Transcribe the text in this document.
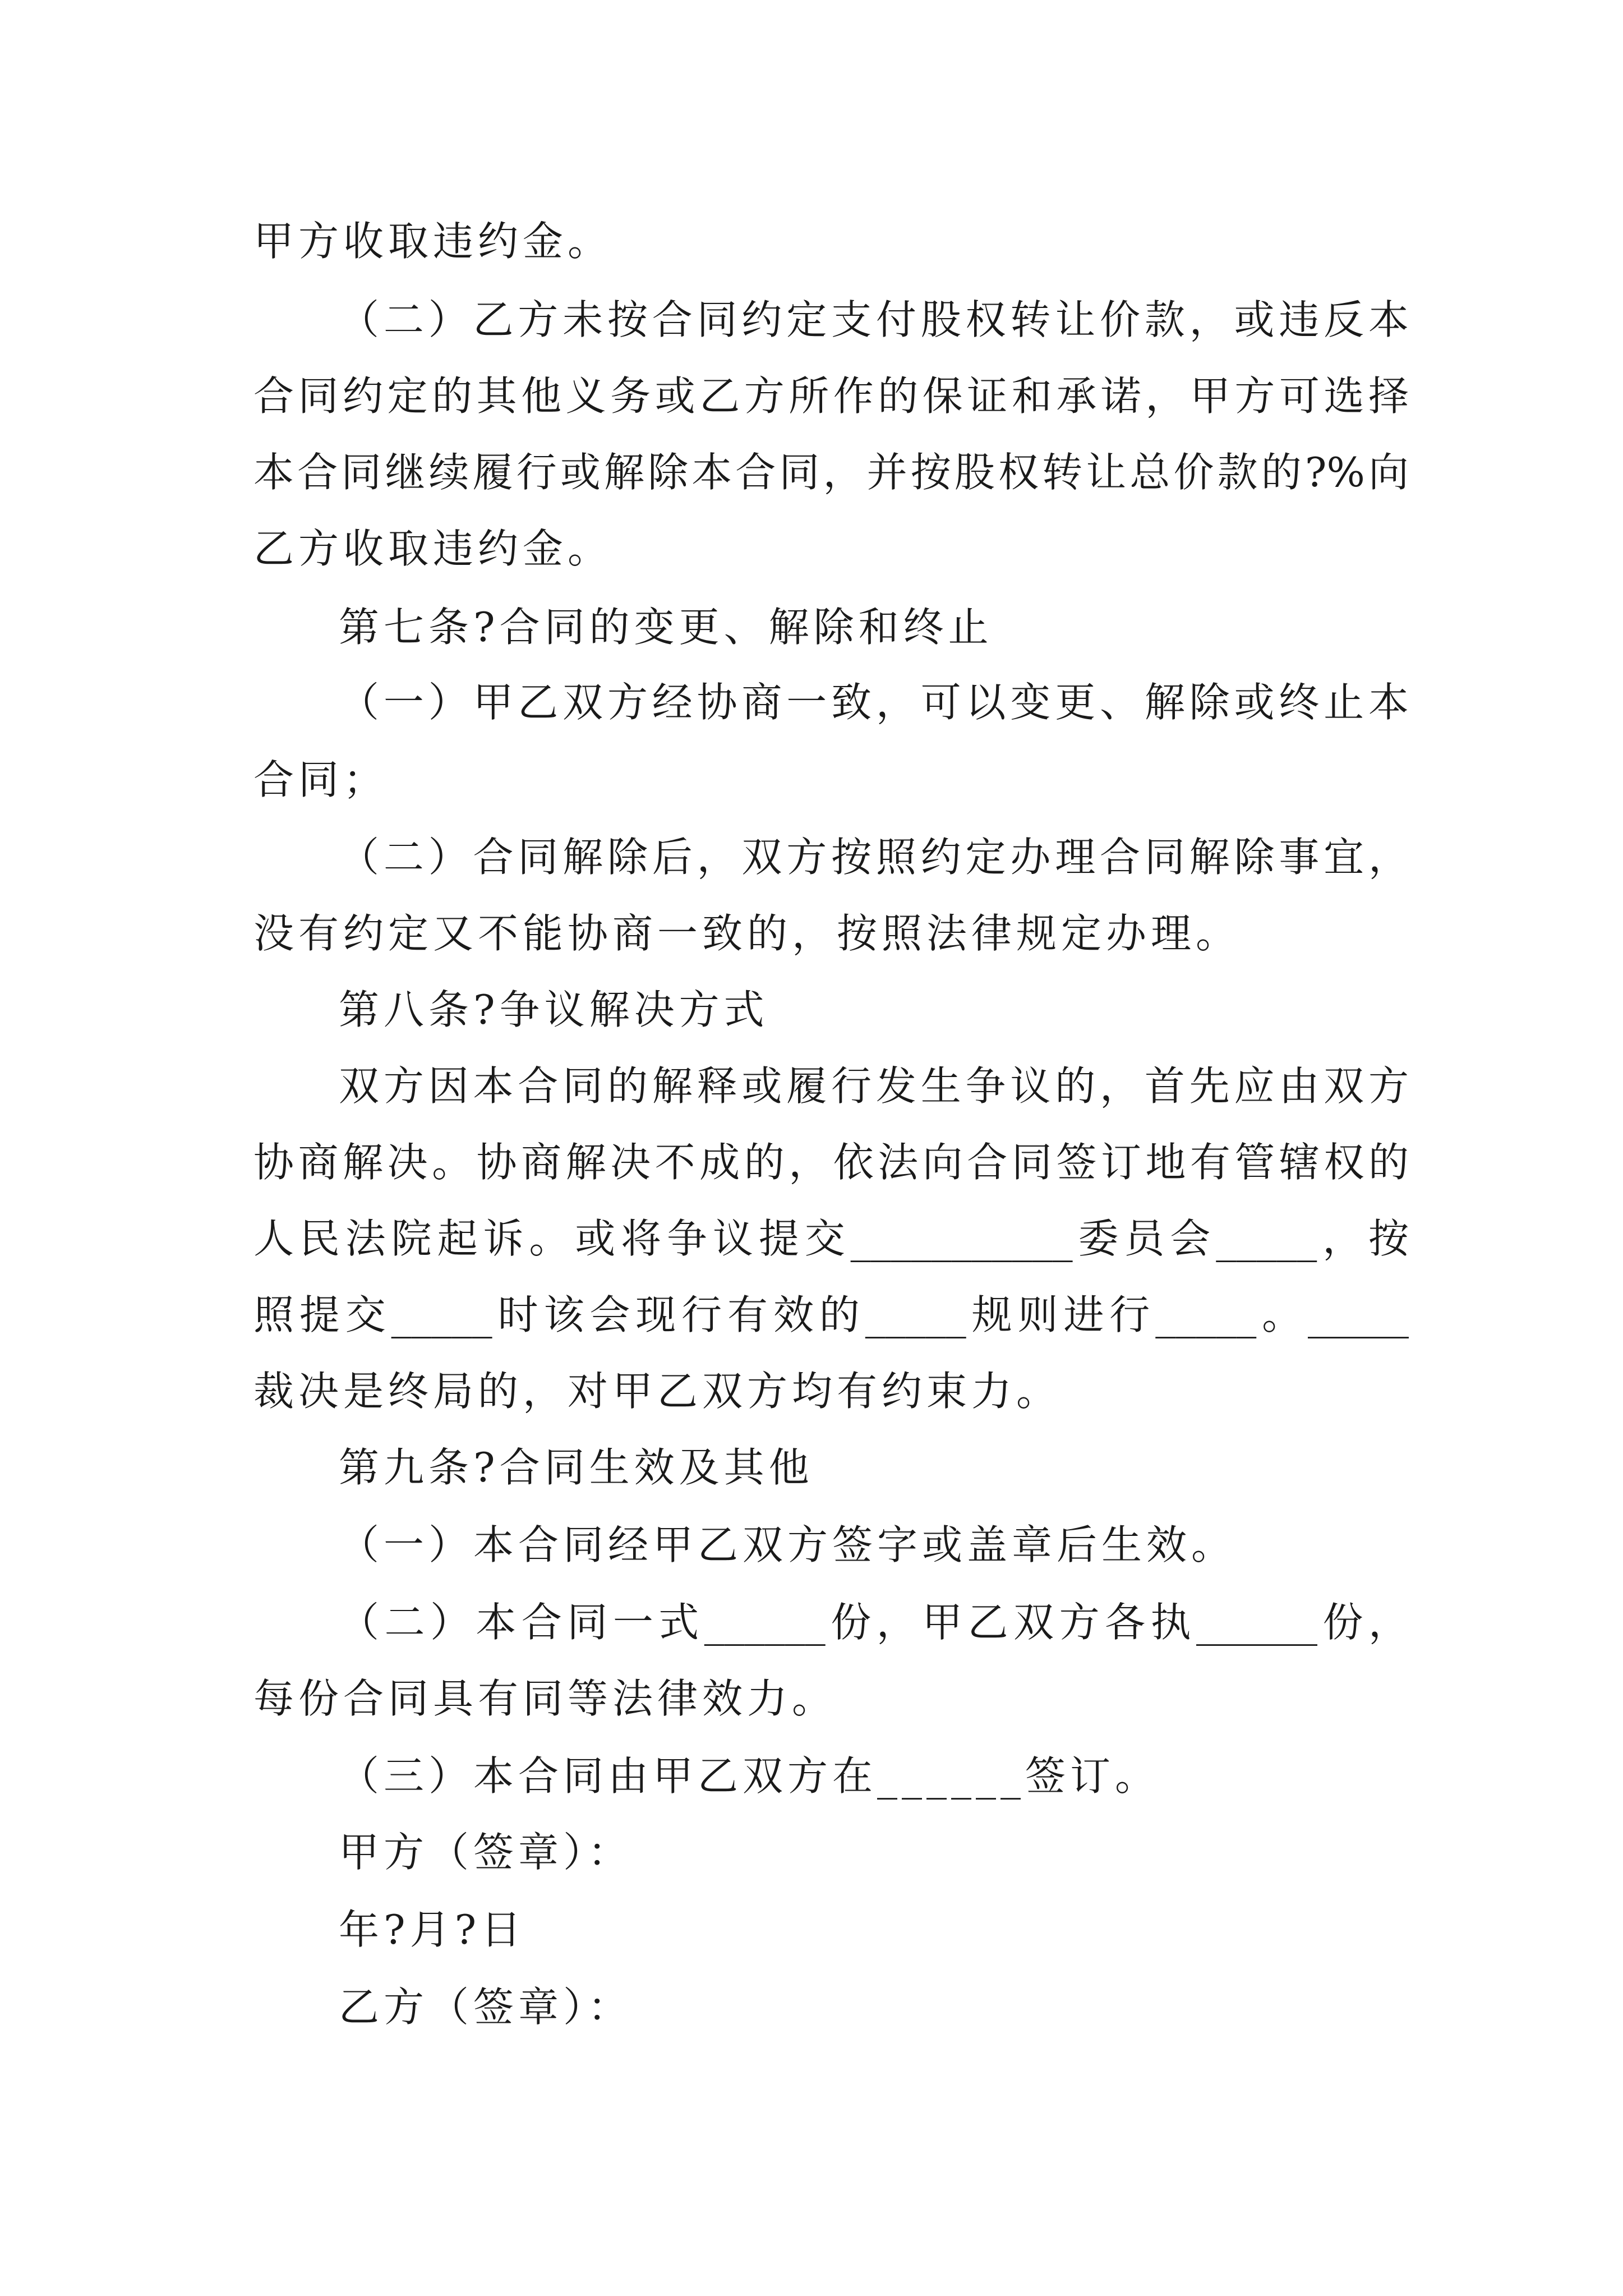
甲方收取违约金。
（二）乙方未按合同约定支付股权转让价款，或违反本
合同约定的其他义务或乙方所作的保证和承诺，甲方可选择
本合同继续履行或解除本合同，并按股权转让总价款的?%向
乙方收取违约金。
第七条?合同的变更、解除和终止
（一）甲乙双方经协商一致，可以变更、解除或终止本
合同；
（二）合同解除后，双方按照约定办理合同解除事宜，
没有约定又不能协商一致的，按照法律规定办理。
第八条?争议解决方式
双方因本合同的解释或履行发生争议的，首先应由双方
协商解决。协商解决不成的，依法向合同签订地有管辖权的
人民法院起诉。或将争议提交___________委员会_____，按
照提交_____时该会现行有效的_____规则进行_____。_____
裁决是终局的，对甲乙双方均有约束力。
第九条?合同生效及其他
（一）本合同经甲乙双方签字或盖章后生效。
（二）本合同一式______份，甲乙双方各执______份，
每份合同具有同等法律效力。
（三）本合同由甲乙双方在______签订。
甲方（签章）：
年?月?日
乙方（签章）：
